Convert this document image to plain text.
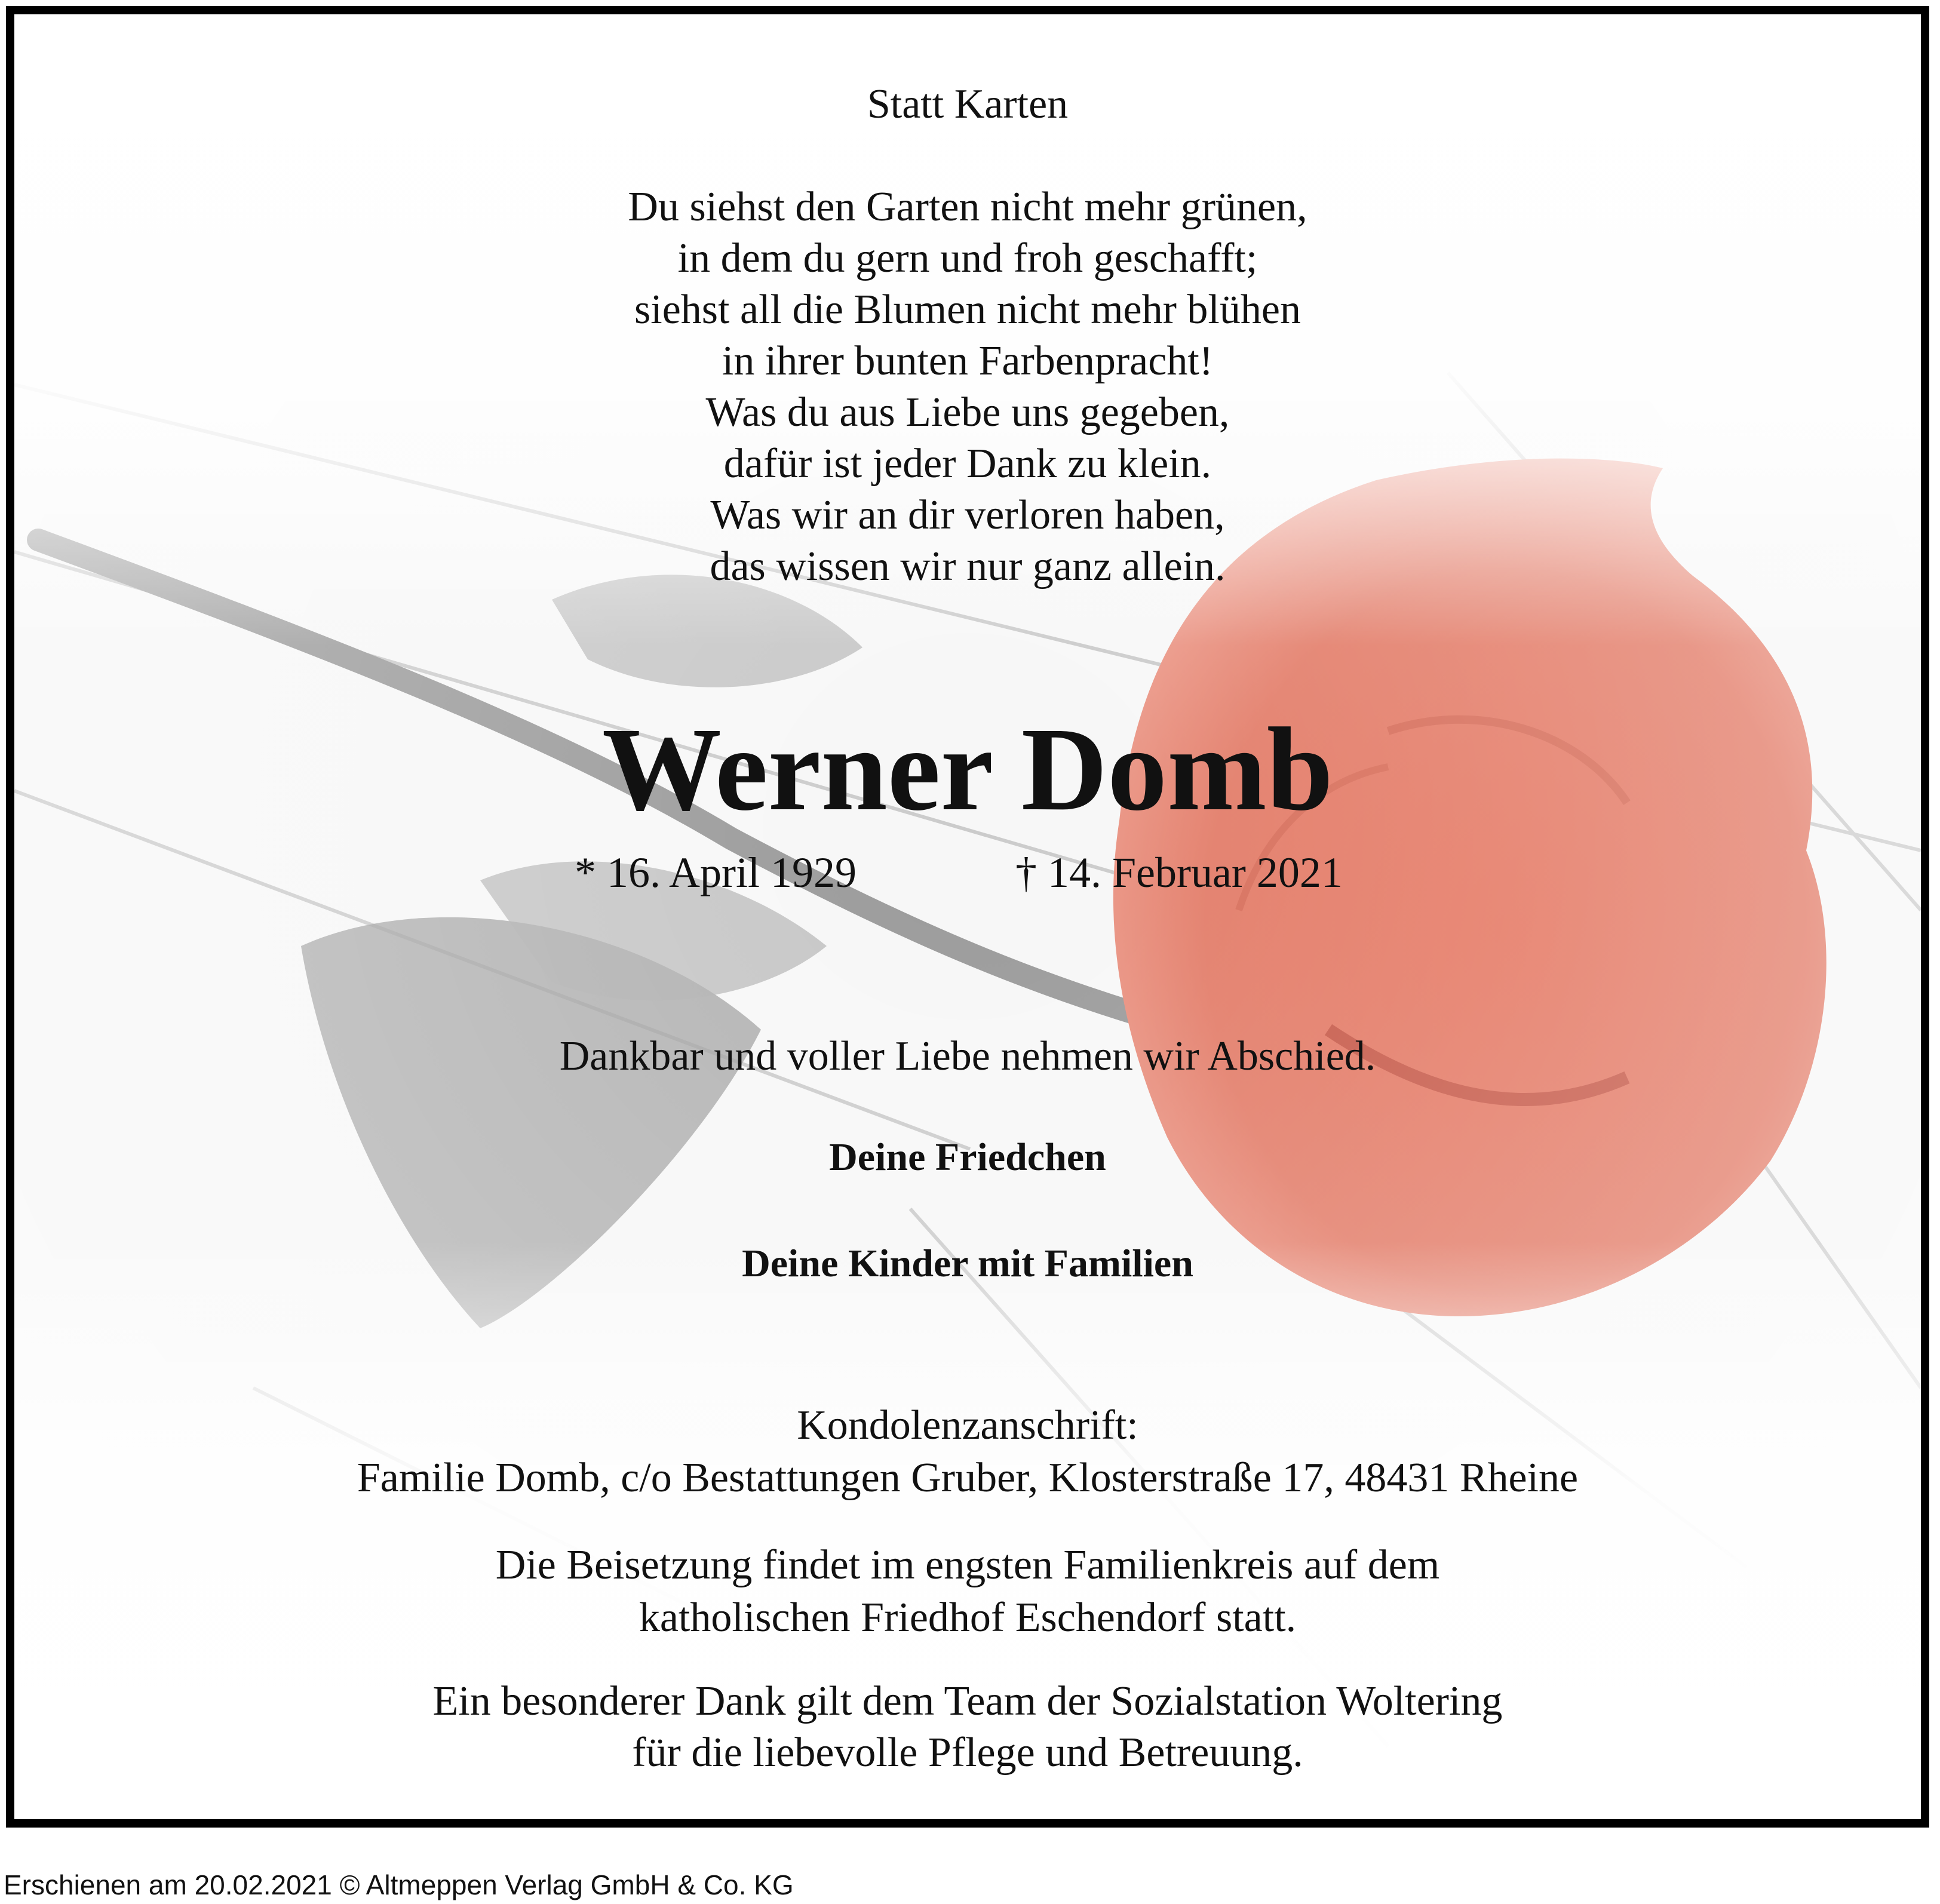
Statt Karten

Du siehst den Garten nicht mehr grünen,
in dem du gern und froh geschafft;
siehst all die Blumen nicht mehr blühen
in ihrer bunten Farbenpracht!
Was du aus Liebe uns gegeben,
dafür ist jeder Dank zu klein.
Was wir an dir verloren haben,
das wissen wir nur ganz allein.

Werner Domb

* 16. April 1929	† 14. Februar 2021

Dankbar und voller Liebe nehmen wir Abschied.

Deine Friedchen

Deine Kinder mit Familien

Kondolenzanschrift:

Familie Domb, c/o Bestattungen Gruber, Klosterstraße 17, 48431 Rheine

Die Beisetzung findet im engsten Familienkreis auf dem

katholischen Friedhof Eschendorf statt.

Ein besonderer Dank gilt dem Team der Sozialstation Woltering

für die liebevolle Pflege und Betreuung.

Erschienen am 20.02.2021 © Altmeppen Verlag GmbH & Co. KG
